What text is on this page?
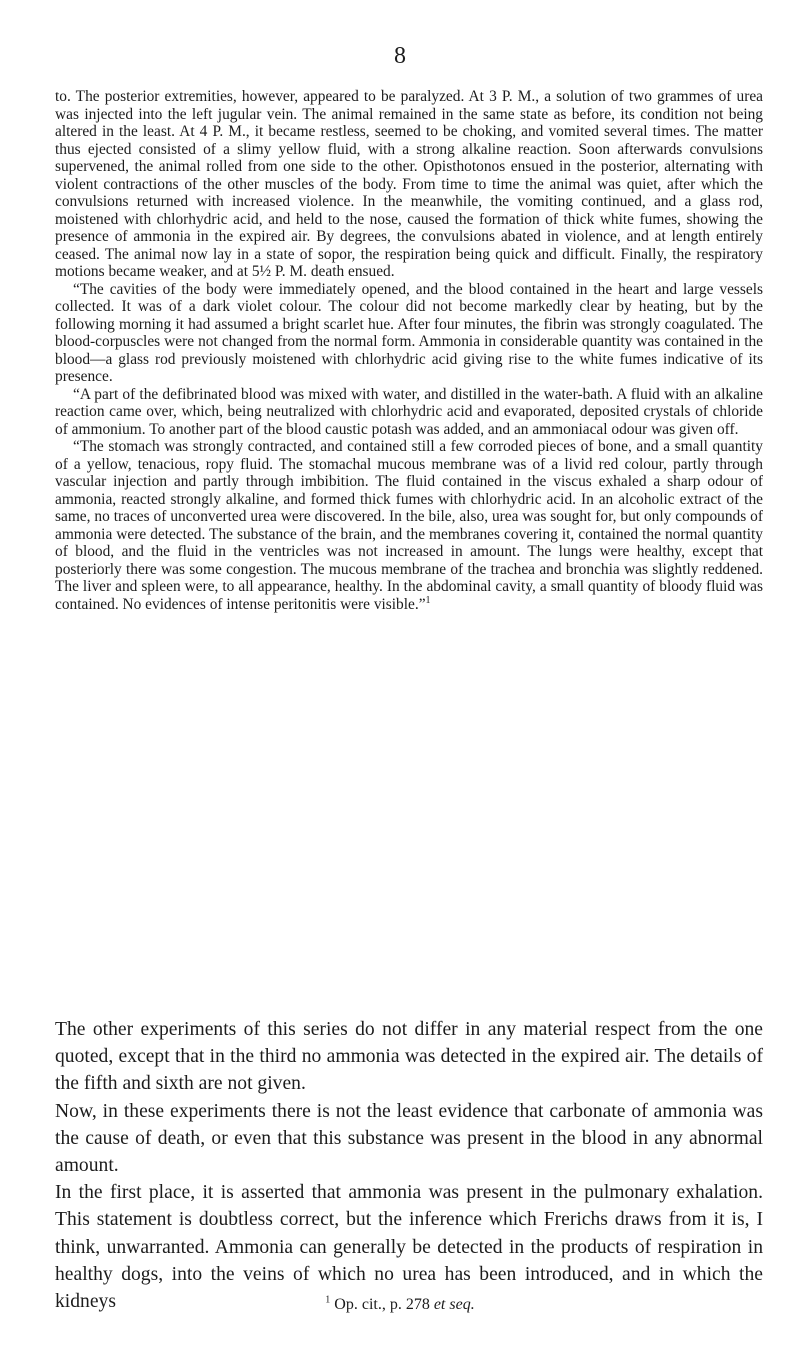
8

to. The posterior extremities, however, appeared to be paralyzed. At 3 P. M., a solution of two grammes of urea was injected into the left jugular vein. The animal remained in the same state as before, its condition not being altered in the least. At 4 P. M., it became restless, seemed to be choking, and vomited several times. The matter thus ejected consisted of a slimy yellow fluid, with a strong alkaline reaction. Soon afterwards convulsions supervened, the animal rolled from one side to the other. Opisthotonos ensued in the posterior, alternating with violent contractions of the other muscles of the body. From time to time the animal was quiet, after which the convulsions returned with increased violence. In the meanwhile, the vomiting continued, and a glass rod, moistened with chlorhydric acid, and held to the nose, caused the formation of thick white fumes, showing the presence of ammonia in the expired air. By degrees, the convulsions abated in violence, and at length entirely ceased. The animal now lay in a state of sopor, the respiration being quick and difficult. Finally, the respiratory motions became weaker, and at 5½ P. M. death ensued.

“The cavities of the body were immediately opened, and the blood contained in the heart and large vessels collected. It was of a dark violet colour. The colour did not become markedly clear by heating, but by the following morning it had assumed a bright scarlet hue. After four minutes, the fibrin was strongly coagulated. The blood-corpuscles were not changed from the normal form. Ammonia in considerable quantity was contained in the blood—a glass rod previously moistened with chlorhydric acid giving rise to the white fumes indicative of its presence.

“A part of the defibrinated blood was mixed with water, and distilled in the water-bath. A fluid with an alkaline reaction came over, which, being neutralized with chlorhydric acid and evaporated, deposited crystals of chloride of ammonium. To another part of the blood caustic potash was added, and an ammoniacal odour was given off.

“The stomach was strongly contracted, and contained still a few corroded pieces of bone, and a small quantity of a yellow, tenacious, ropy fluid. The stomachal mucous membrane was of a livid red colour, partly through vascular injection and partly through imbibition. The fluid contained in the viscus exhaled a sharp odour of ammonia, reacted strongly alkaline, and formed thick fumes with chlorhydric acid. In an alcoholic extract of the same, no traces of unconverted urea were discovered. In the bile, also, urea was sought for, but only compounds of ammonia were detected. The substance of the brain, and the membranes covering it, contained the normal quantity of blood, and the fluid in the ventricles was not increased in amount. The lungs were healthy, except that posteriorly there was some congestion. The mucous membrane of the trachea and bronchia was slightly reddened. The liver and spleen were, to all appearance, healthy. In the abdominal cavity, a small quantity of bloody fluid was contained. No evidences of intense peritonitis were visible.”$^1$

The other experiments of this series do not differ in any material respect from the one quoted, except that in the third no ammonia was detected in the expired air. The details of the fifth and sixth are not given.

Now, in these experiments there is not the least evidence that carbonate of ammonia was the cause of death, or even that this substance was present in the blood in any abnormal amount.

In the first place, it is asserted that ammonia was present in the pulmonary exhalation. This statement is doubtless correct, but the inference which Frerichs draws from it is, I think, unwarranted. Ammonia can generally be detected in the products of respiration in healthy dogs, into the veins of which no urea has been introduced, and in which the kidneys	$^1$ Op. cit., p. 278 et seq.
